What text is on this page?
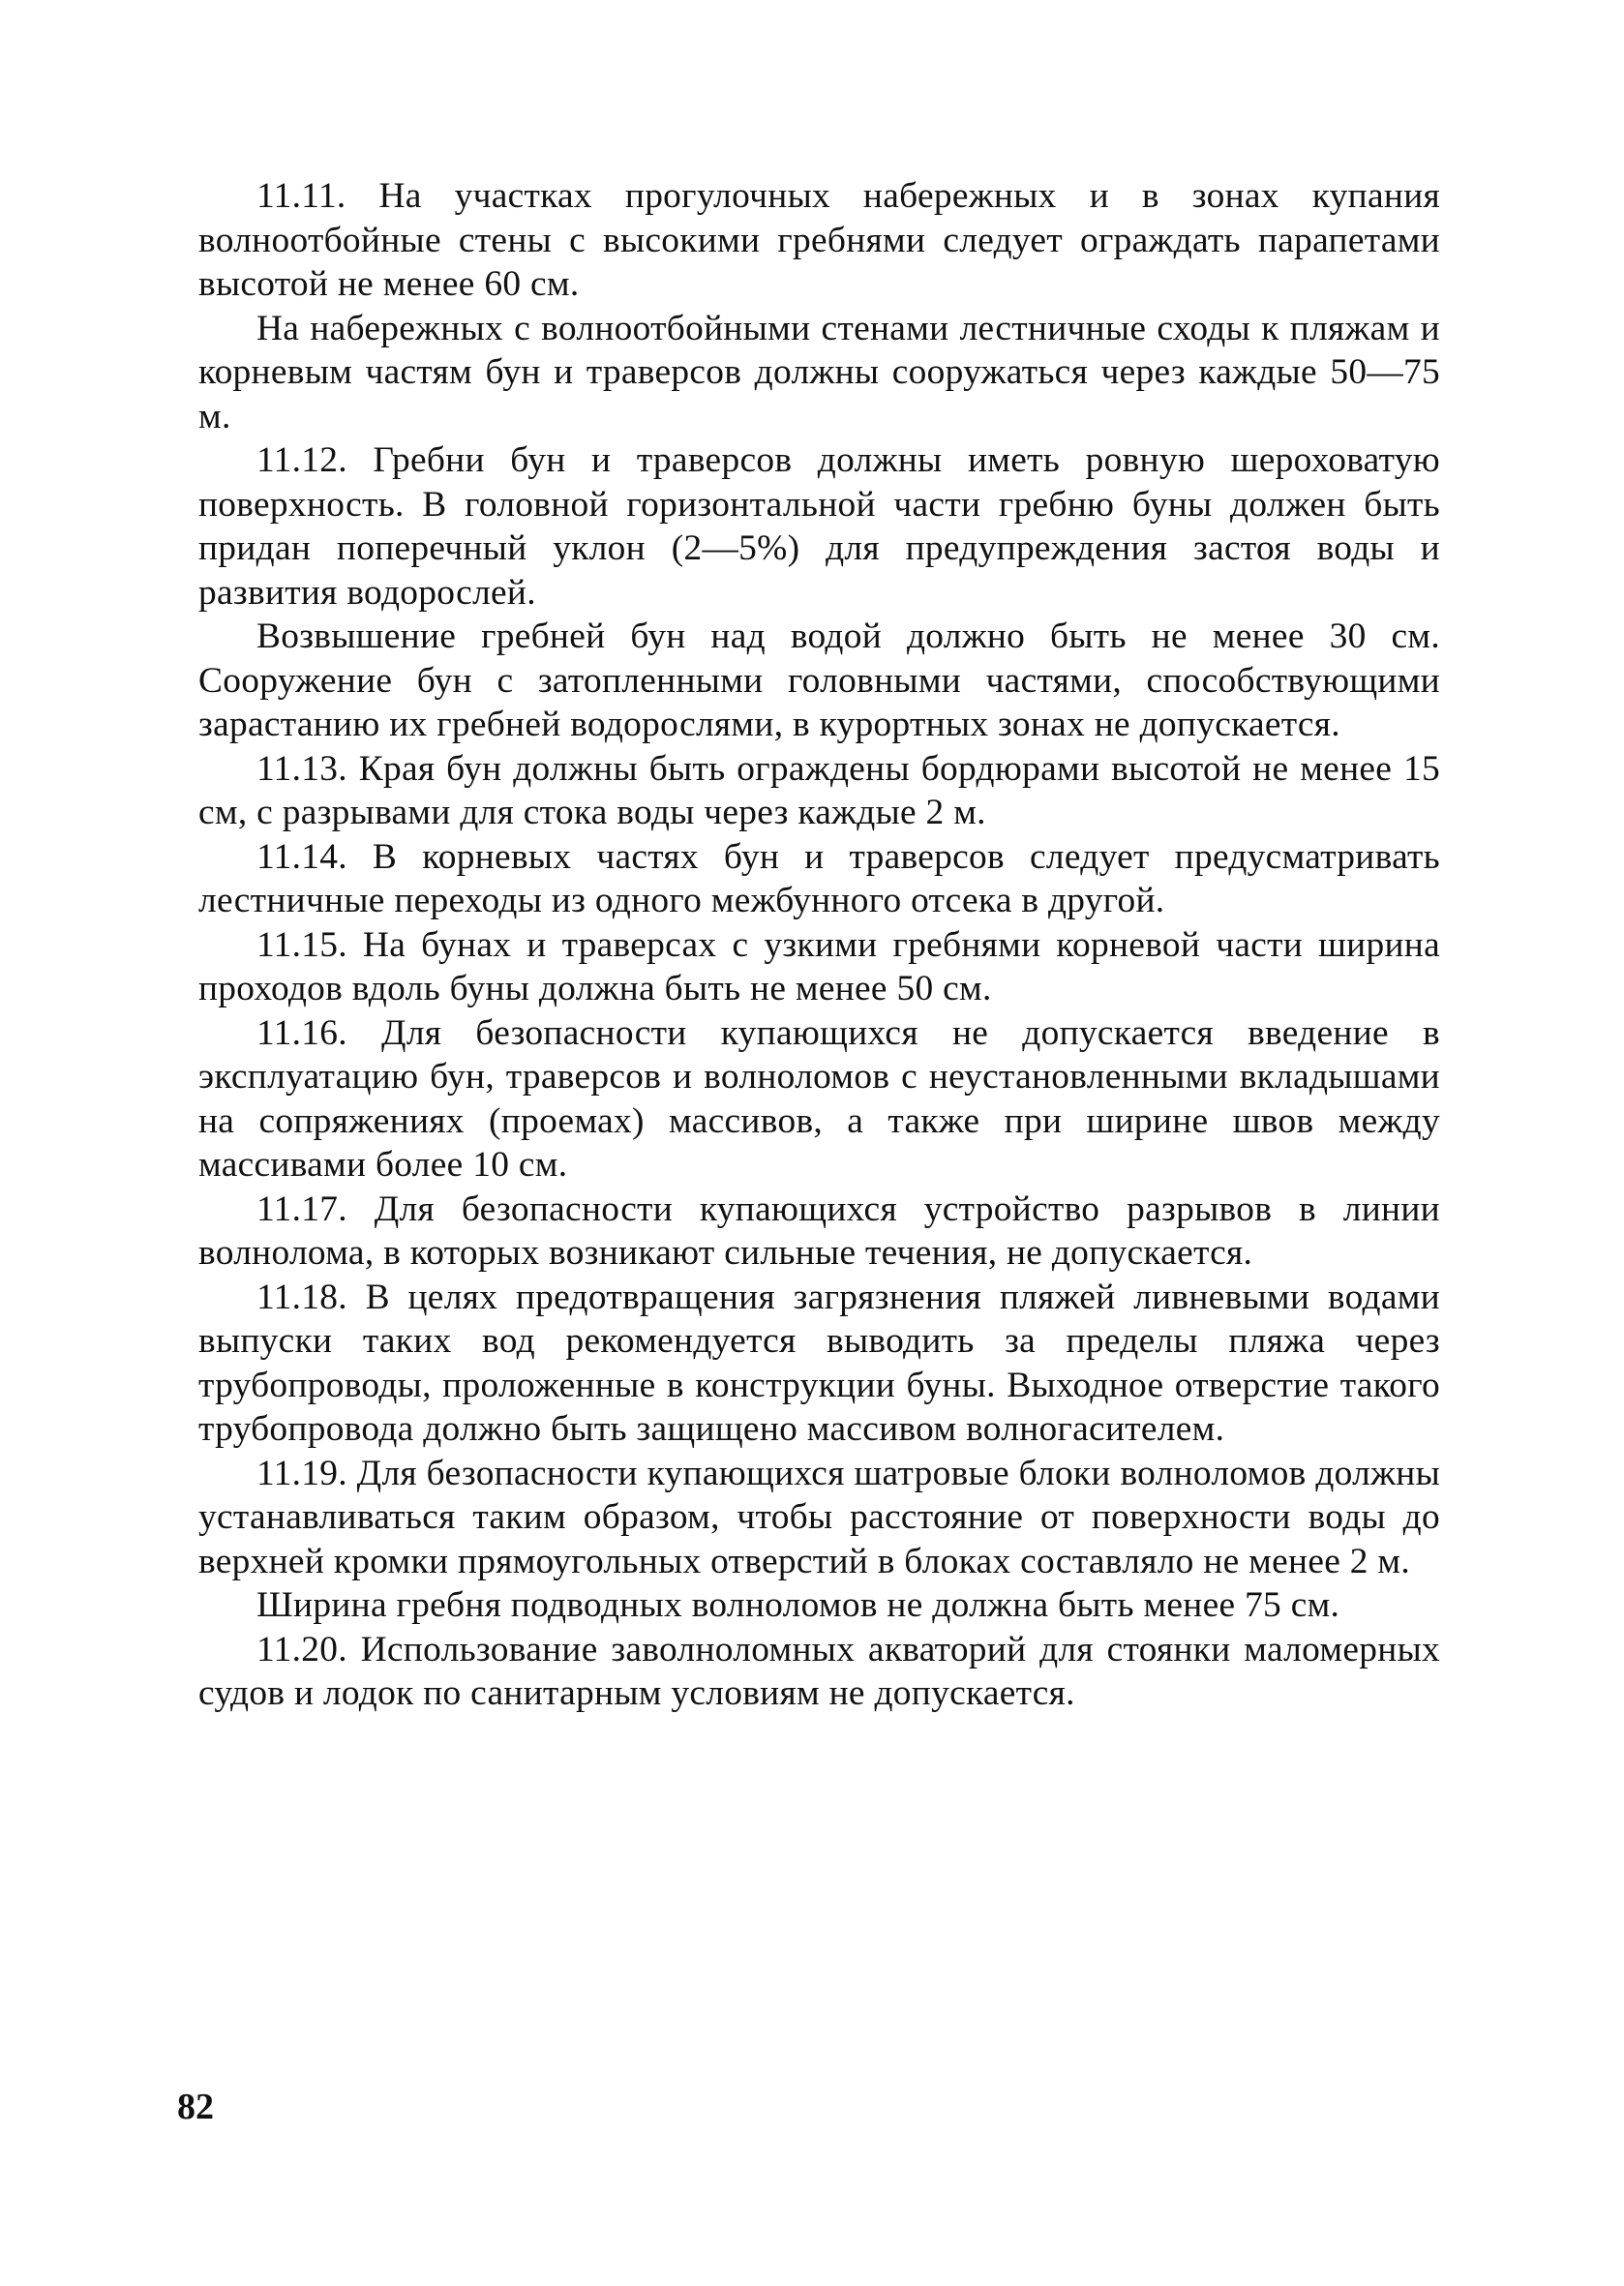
11.11. На участках прогулочных набережных и в зонах купания волноотбойные стены с высокими гребнями следует ограждать парапетами высотой не менее 60 см.

На набережных с волноотбойными стенами лестничные сходы к пляжам и корневым частям бун и траверсов должны сооружаться через каждые 50—75 м.

11.12. Гребни бун и траверсов должны иметь ровную шероховатую поверхность. В головной горизонтальной части гребню буны должен быть придан поперечный уклон (2—5%) для предупреждения застоя воды и развития водорослей.

Возвышение гребней бун над водой должно быть не менее 30 см. Сооружение бун с затопленными головными частями, способствующими зарастанию их гребней водорослями, в курортных зонах не допускается.

11.13. Края бун должны быть ограждены бордюрами высотой не менее 15 см, с разрывами для стока воды через каждые 2 м.

11.14. В корневых частях бун и траверсов следует предусматривать лестничные переходы из одного межбунного отсека в другой.

11.15. На бунах и траверсах с узкими гребнями корневой части ширина проходов вдоль буны должна быть не менее 50 см.

11.16. Для безопасности купающихся не допускается введение в эксплуатацию бун, траверсов и волноломов с неустановленными вкладышами на сопряжениях (проемах) массивов, а также при ширине швов между массивами более 10 см.

11.17. Для безопасности купающихся устройство разрывов в линии волнолома, в которых возникают сильные течения, не допускается.

11.18. В целях предотвращения загрязнения пляжей ливневыми водами выпуски таких вод рекомендуется выводить за пределы пляжа через трубопроводы, проложенные в конструкции буны. Выходное отверстие такого трубопровода должно быть защищено массивом волногасителем.

11.19. Для безопасности купающихся шатровые блоки волноломов должны устанавливаться таким образом, чтобы расстояние от поверхности воды до верхней кромки прямоугольных отверстий в блоках составляло не менее 2 м.

Ширина гребня подводных волноломов не должна быть менее 75 см.

11.20. Использование заволноломных акваторий для стоянки маломерных судов и лодок по санитарным условиям не допускается.

82
